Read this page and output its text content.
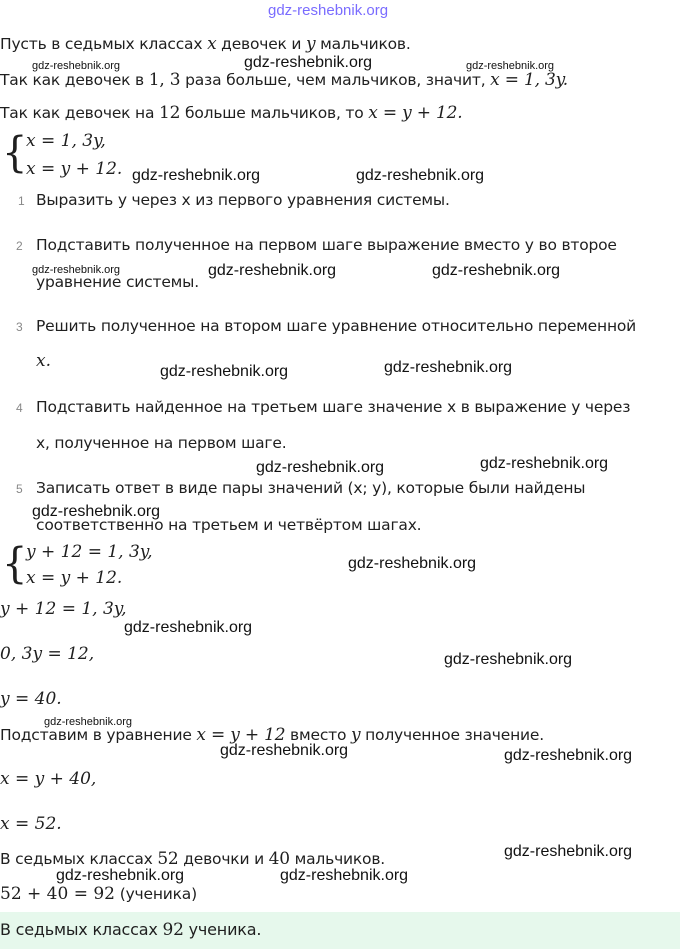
gdz-reshebnik.org
Пусть в седьмых классах x девочек и y мальчиков.
gdz-reshebnik.org	gdz-reshebnik.org	gdz-reshebnik.org
Так как девочек в 1, 3 раза больше, чем мальчиков, значит, x = 1, 3y.
Так как девочек на 12 больше мальчиков, то x = y + 12.
{
x = 1, 3y,
x = y + 12. gdz-reshebnik.org	gdz-reshebnik.org
1 Выразить y через x из первого уравнения системы.
2 Подставить полученное на первом шаге выражение вместо y во второе
gdz-reshebnik.org
уравнение системы.
gdz-reshebnik.org	gdz-reshebnik.org
3 Решить полученное на втором шаге уравнение относительно переменной
x.
gdz-reshebnik.org	gdz-reshebnik.org
4 Подставить найденное на третьем шаге значение x в выражение y через
x, полученное на первом шаге.
gdz-reshebnik.org	gdz-reshebnik.org
5 Записать ответ в виде пары значений (x; y), которые были найдены
gdz-reshebnik.org
соответственно на третьем и четвёртом шагах.
{
y + 12 = 1, 3y,
x = y + 12.
gdz-reshebnik.org
y + 12 = 1, 3y,
gdz-reshebnik.org
0, 3y = 12,	gdz-reshebnik.org
y = 40.
gdz-reshebnik.org
Подставим в уравнение x = y + 12 вместо y полученное значение.
gdz-reshebnik.org	gdz-reshebnik.org
x = y + 40,
x = 52.
В седьмых классах 52 девочки и 40 мальчиков.	gdz-reshebnik.org
gdz-reshebnik.org	gdz-reshebnik.org
52 + 40 = 92 (ученика)
В седьмых классах 92 ученика.
